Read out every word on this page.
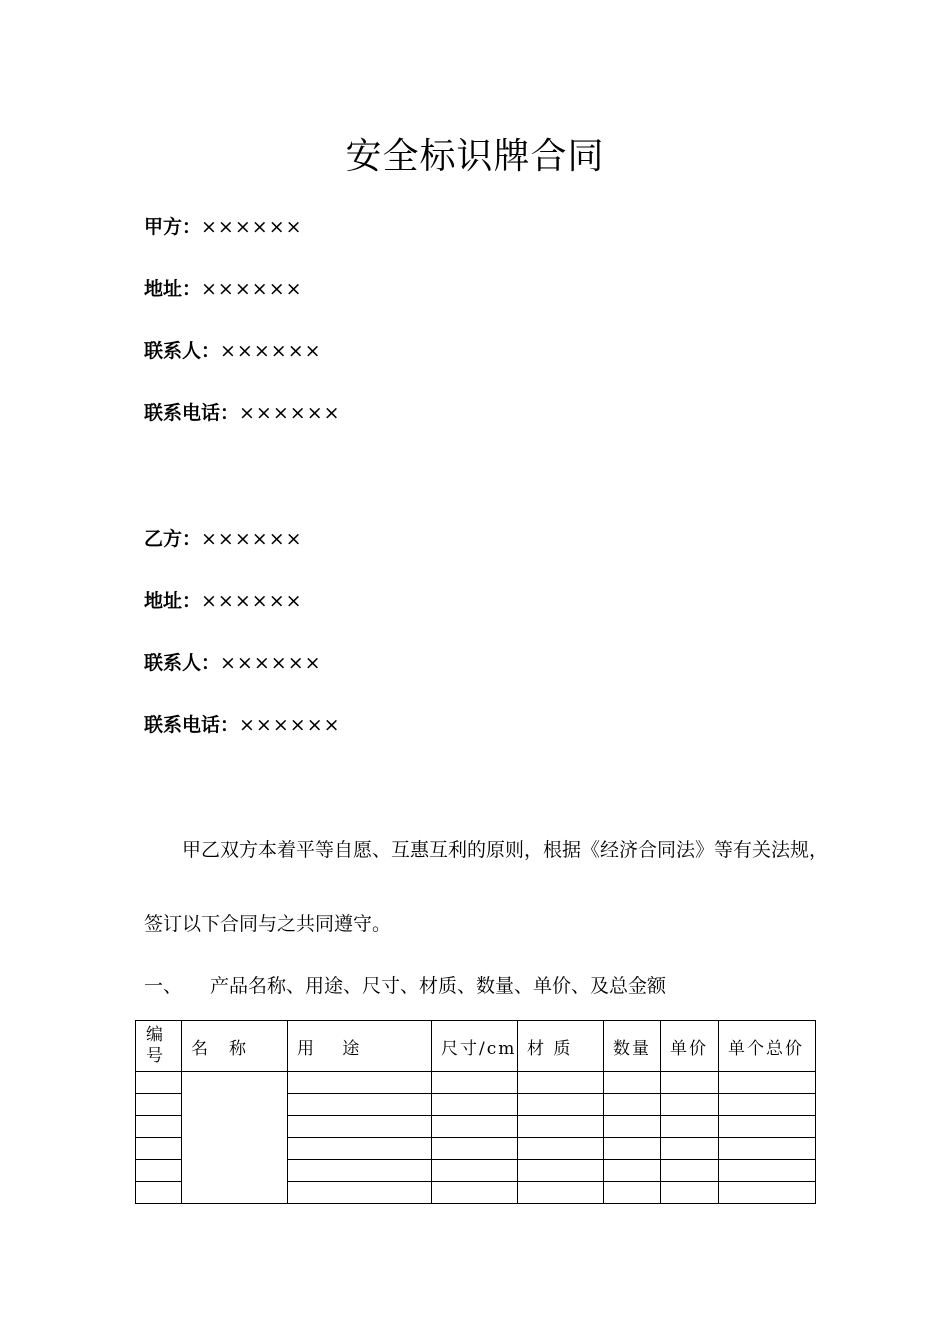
安全标识牌合同
甲方：××××××
地址：××××××
联系人：××××××
联系电话：××××××
乙方：××××××
地址：××××××
联系人：××××××
联系电话：××××××
甲乙双方本着平等自愿、互惠互利的原则，根据《经济合同法》等有关法规，
签订以下合同与之共同遵守。
一、 产品名称、用途、尺寸、材质、数量、单价、及总金额
编号	名　称	用　 途	尺寸/cm	材 质	数量	单价	单个总价
